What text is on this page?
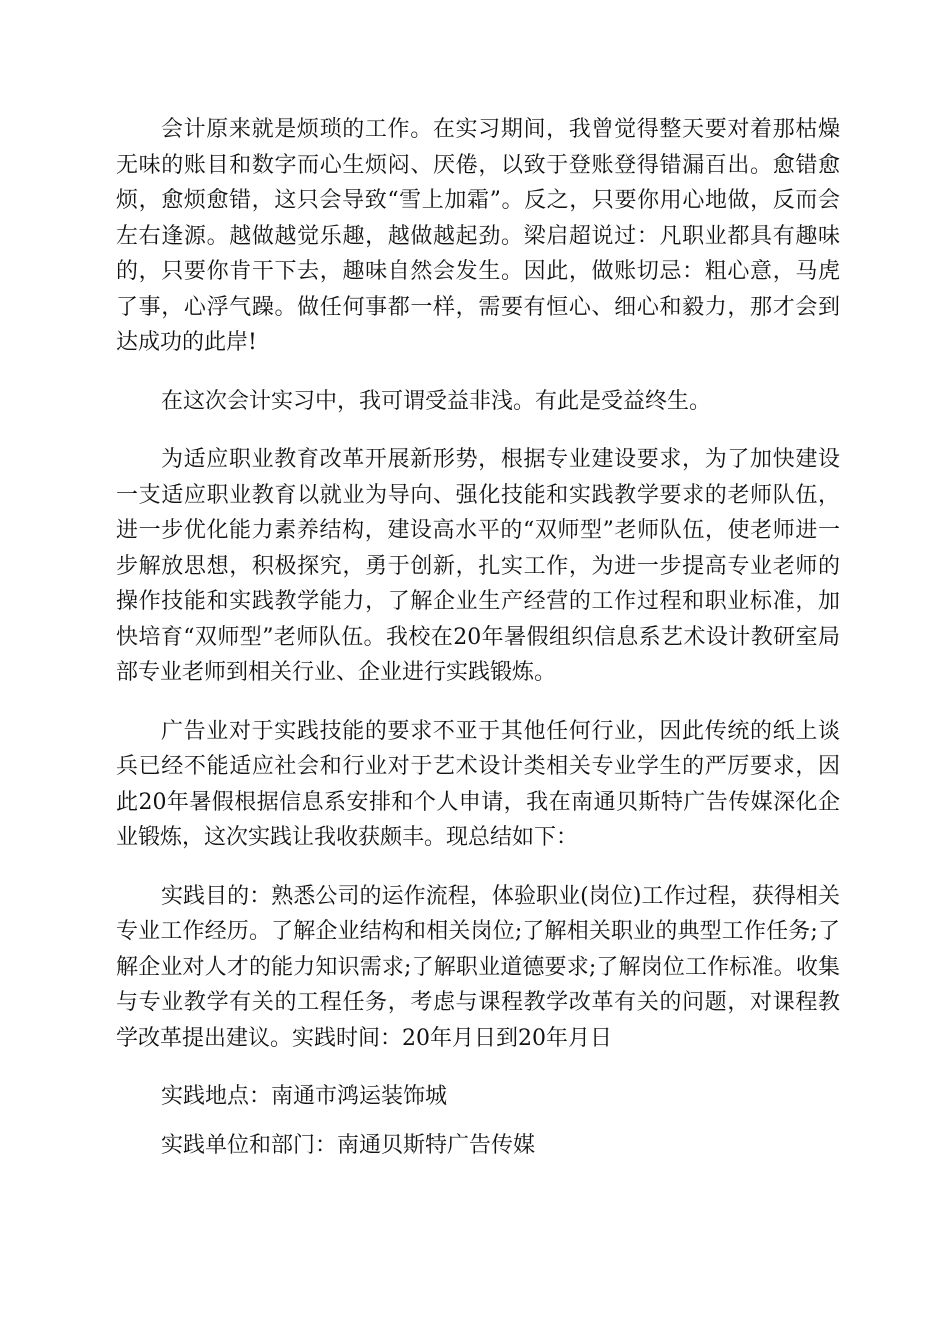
会计原来就是烦琐的工作。在实习期间，我曾觉得整天要对着那枯燥无味的账目和数字而心生烦闷、厌倦，以致于登账登得错漏百出。愈错愈烦，愈烦愈错，这只会导致“雪上加霜”。反之，只要你用心地做，反而会左右逢源。越做越觉乐趣，越做越起劲。梁启超说过：凡职业都具有趣味的，只要你肯干下去，趣味自然会发生。因此，做账切忌：粗心意，马虎了事，心浮气躁。做任何事都一样，需要有恒心、细心和毅力，那才会到达成功的此岸!

在这次会计实习中，我可谓受益非浅。有此是受益终生。

为适应职业教育改革开展新形势，根据专业建设要求，为了加快建设一支适应职业教育以就业为导向、强化技能和实践教学要求的老师队伍，进一步优化能力素养结构，建设高水平的“双师型”老师队伍，使老师进一步解放思想，积极探究，勇于创新，扎实工作，为进一步提高专业老师的操作技能和实践教学能力，了解企业生产经营的工作过程和职业标准，加快培育“双师型”老师队伍。我校在20年暑假组织信息系艺术设计教研室局部专业老师到相关行业、企业进行实践锻炼。

广告业对于实践技能的要求不亚于其他任何行业，因此传统的纸上谈兵已经不能适应社会和行业对于艺术设计类相关专业学生的严厉要求，因此20年暑假根据信息系安排和个人申请，我在南通贝斯特广告传媒深化企业锻炼，这次实践让我收获颇丰。现总结如下：

实践目的：熟悉公司的运作流程，体验职业(岗位)工作过程，获得相关专业工作经历。了解企业结构和相关岗位;了解相关职业的典型工作任务;了解企业对人才的能力知识需求;了解职业道德要求;了解岗位工作标准。收集与专业教学有关的工程任务，考虑与课程教学改革有关的问题，对课程教学改革提出建议。实践时间：20年月日到20年月日

实践地点：南通市鸿运装饰城

实践单位和部门：南通贝斯特广告传媒
